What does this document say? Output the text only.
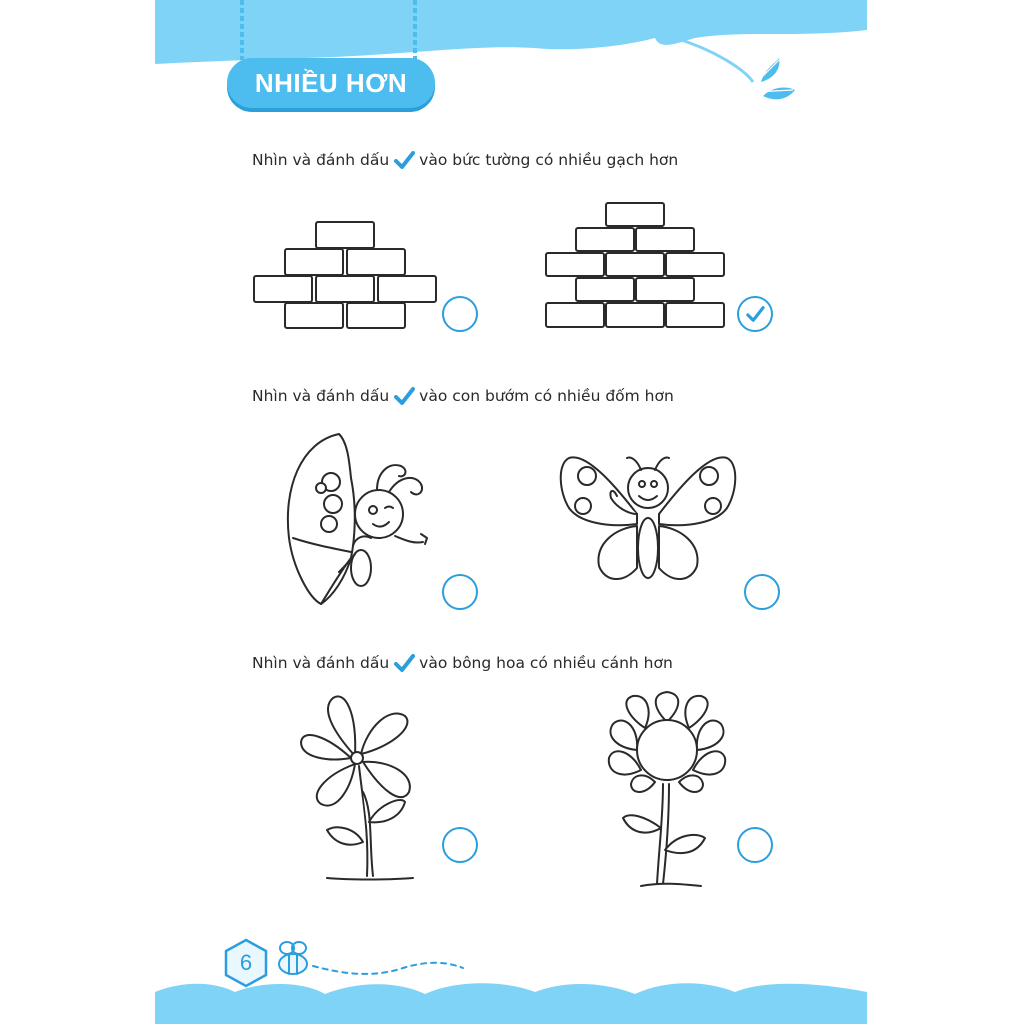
NHIỀU HƠN
Nhìn và đánh dấu vào bức tường có nhiều gạch hơn
Nhìn và đánh dấu vào con bướm có nhiều đốm hơn
Nhìn và đánh dấu vào bông hoa có nhiều cánh hơn
6
